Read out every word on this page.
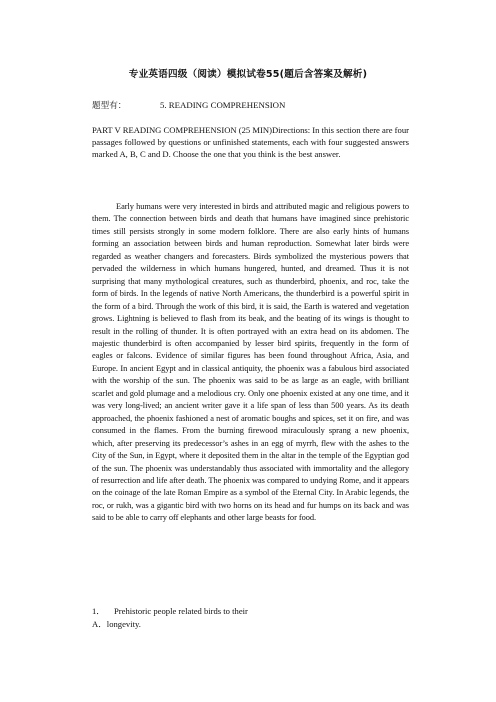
专业英语四级（阅读）模拟试卷55(题后含答案及解析)
题型有：	5. READING COMPREHENSION
PART V READING COMPREHENSION (25 MIN)Directions: In this section there are four passages followed by questions or unfinished statements, each with four suggested answers marked A, B, C and D. Choose the one that you think is the best answer.
Early humans were very interested in birds and attributed magic and religious powers to them. The connection between birds and death that humans have imagined since prehistoric times still persists strongly in some modern folklore. There are also early hints of humans forming an association between birds and human reproduction. Somewhat later birds were regarded as weather changers and forecasters. Birds symbolized the mysterious powers that pervaded the wilderness in which humans hungered, hunted, and dreamed. Thus it is not surprising that many mythological creatures, such as thunderbird, phoenix, and roc, take the form of birds. In the legends of native North Americans, the thunderbird is a powerful spirit in the form of a bird. Through the work of this bird, it is said, the Earth is watered and vegetation grows. Lightning is believed to flash from its beak, and the beating of its wings is thought to result in the rolling of thunder. It is often portrayed with an extra head on its abdomen. The majestic thunderbird is often accompanied by lesser bird spirits, frequently in the form of eagles or falcons. Evidence of similar figures has been found throughout Africa, Asia, and Europe. In ancient Egypt and in classical antiquity, the phoenix was a fabulous bird associated with the worship of the sun. The phoenix was said to be as large as an eagle, with brilliant scarlet and gold plumage and a melodious cry. Only one phoenix existed at any one time, and it was very long-lived; an ancient writer gave it a life span of less than 500 years. As its death approached, the phoenix fashioned a nest of aromatic boughs and spices, set it on fire, and was consumed in the flames. From the burning firewood miraculously sprang a new phoenix, which, after preserving its predecessor’s ashes in an egg of myrrh, flew with the ashes to the City of the Sun, in Egypt, where it deposited them in the altar in the temple of the Egyptian god of the sun. The phoenix was understandably thus associated with immortality and the allegory of resurrection and life after death. The phoenix was compared to undying Rome, and it appears on the coinage of the late Roman Empire as a symbol of the Eternal City. In Arabic legends, the roc, or rukh, was a gigantic bird with two horns on its head and fur humps on its back and was said to be able to carry off elephants and other large beasts for food.
1． Prehistoric people related birds to their
A．longevity.
